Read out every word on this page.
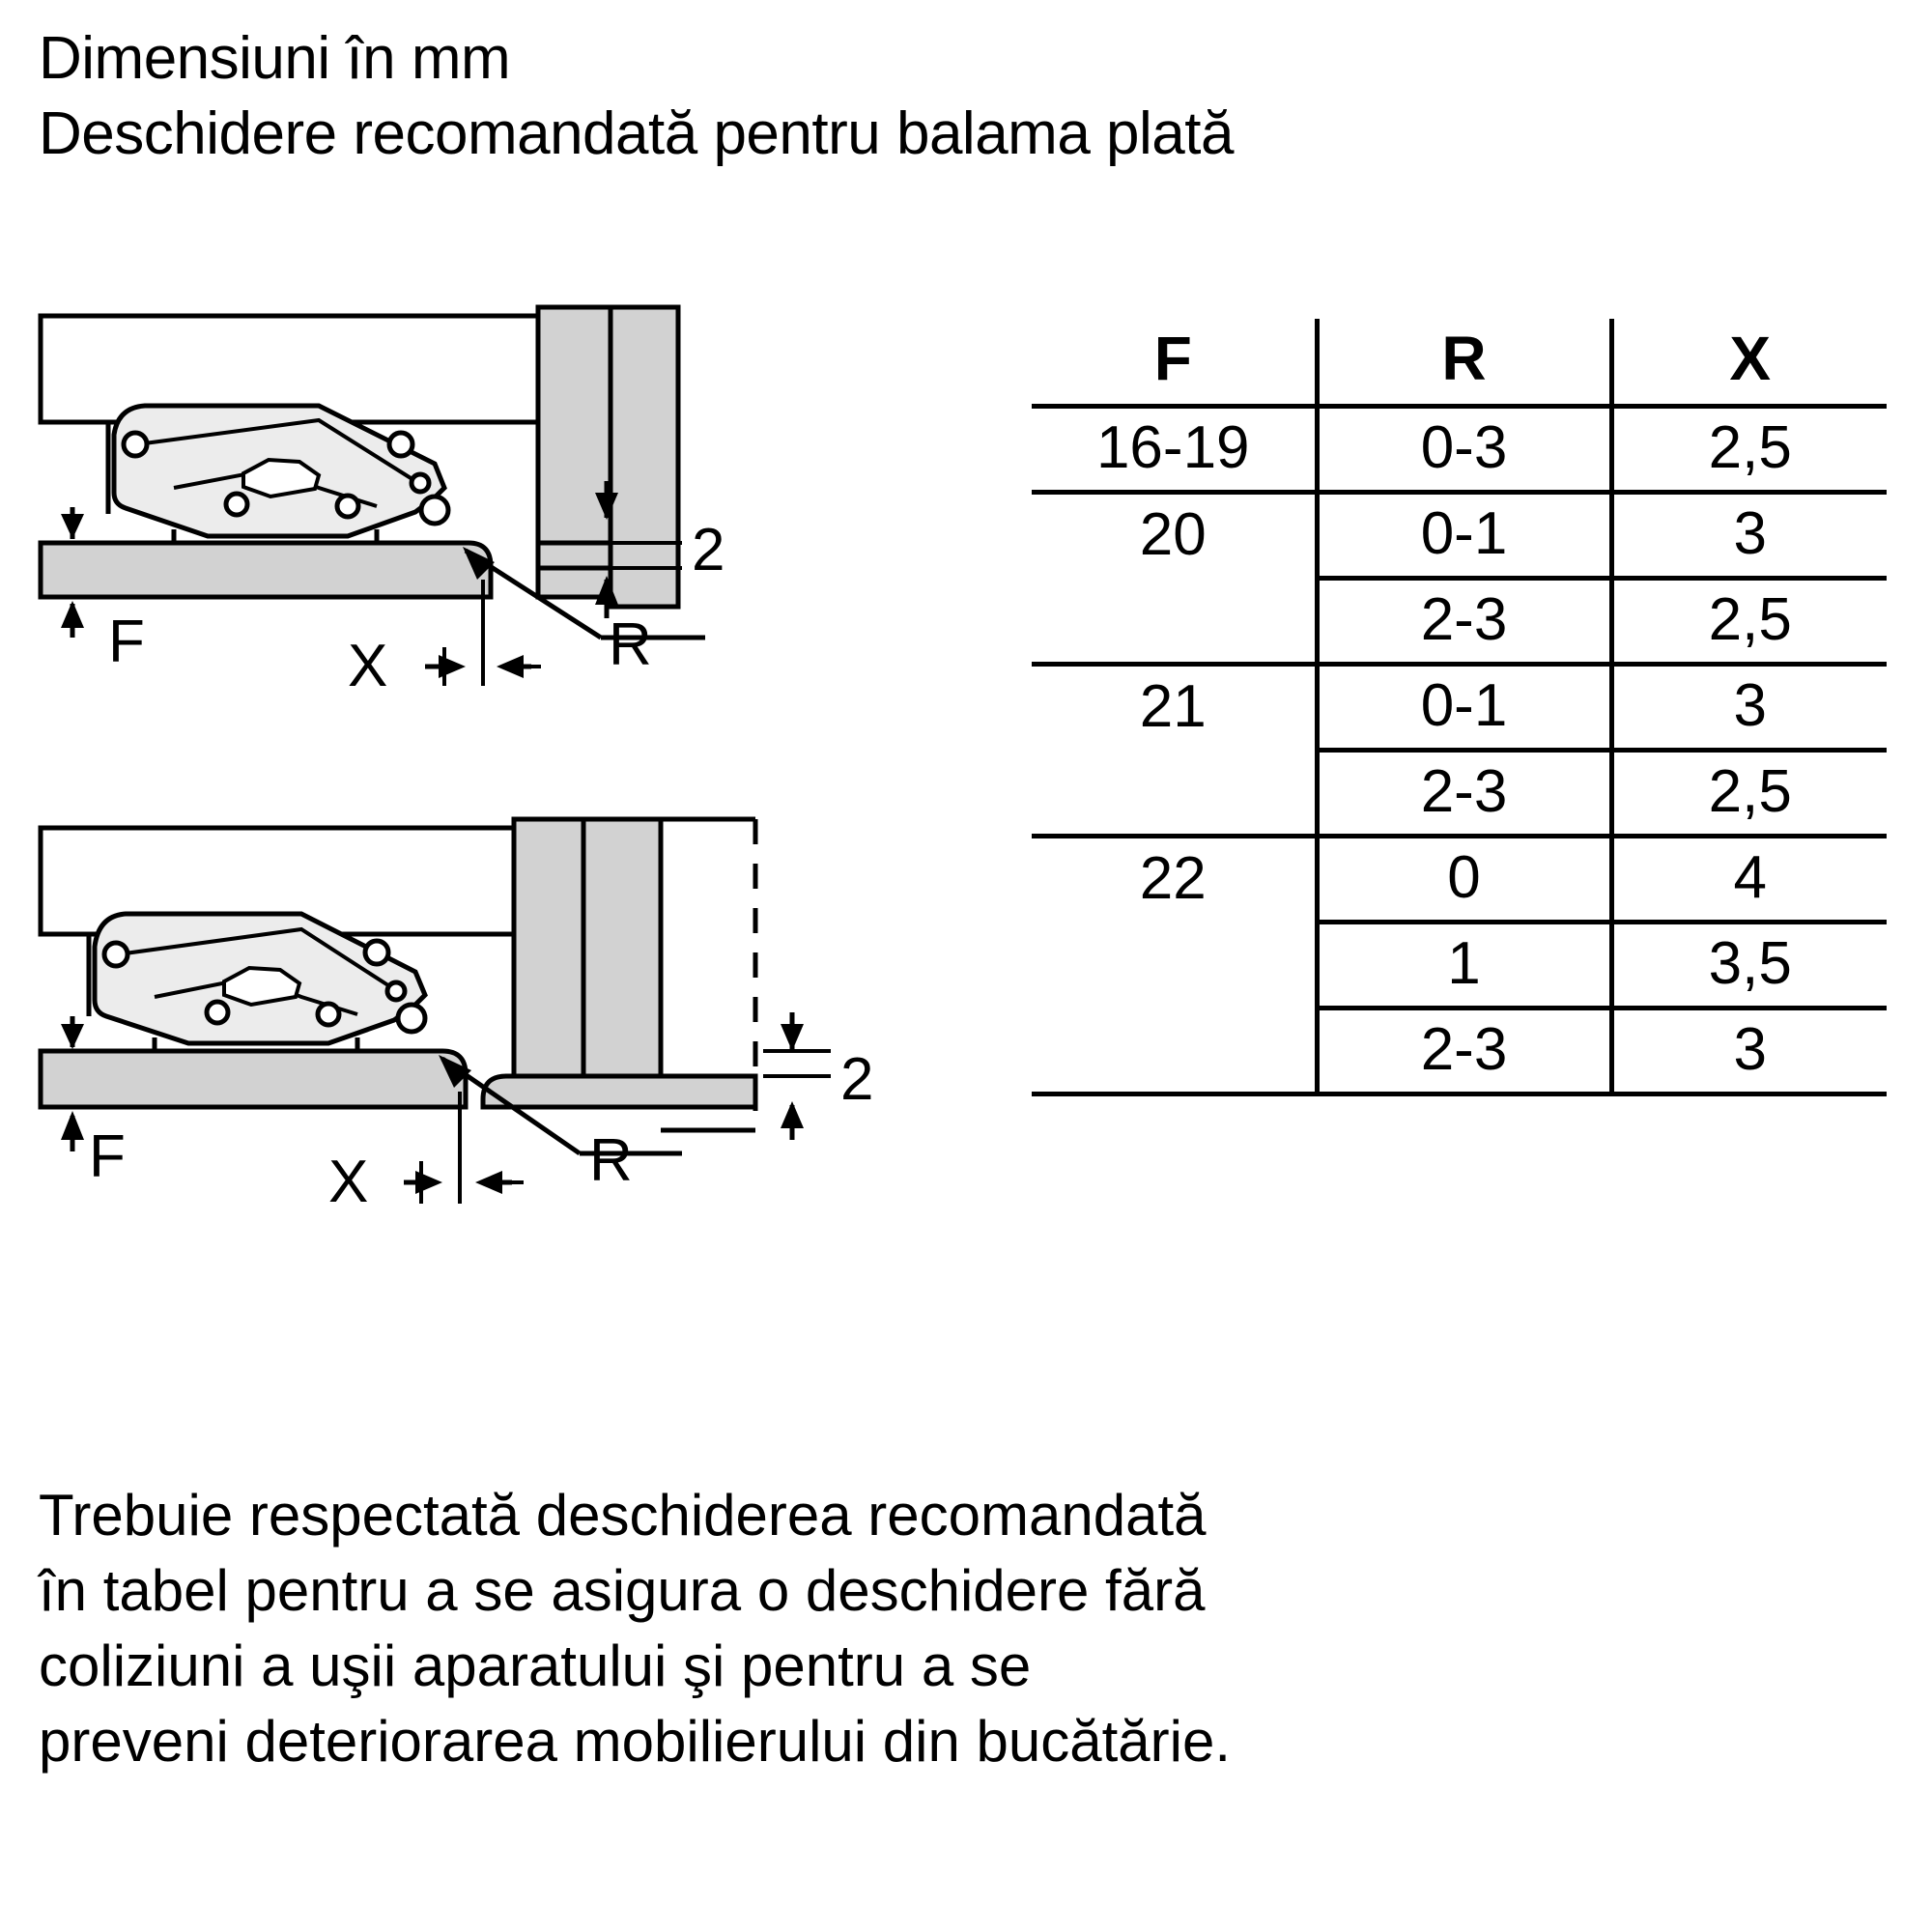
Dimensiuni în mm
Deschidere recomandată pentru balama plată
F	X	R
2
F	X	R
2
F	R	X
16-19	0-3	2,5
20	0-1	3
	2-3	2,5
21	0-1	3
	2-3	2,5
22	0	4
	1	3,5
	2-3	3
Trebuie respectată deschiderea recomandată
în tabel pentru a se asigura o deschidere fără
coliziuni a uşii aparatului şi pentru a se
preveni deteriorarea mobilierului din bucătărie.
